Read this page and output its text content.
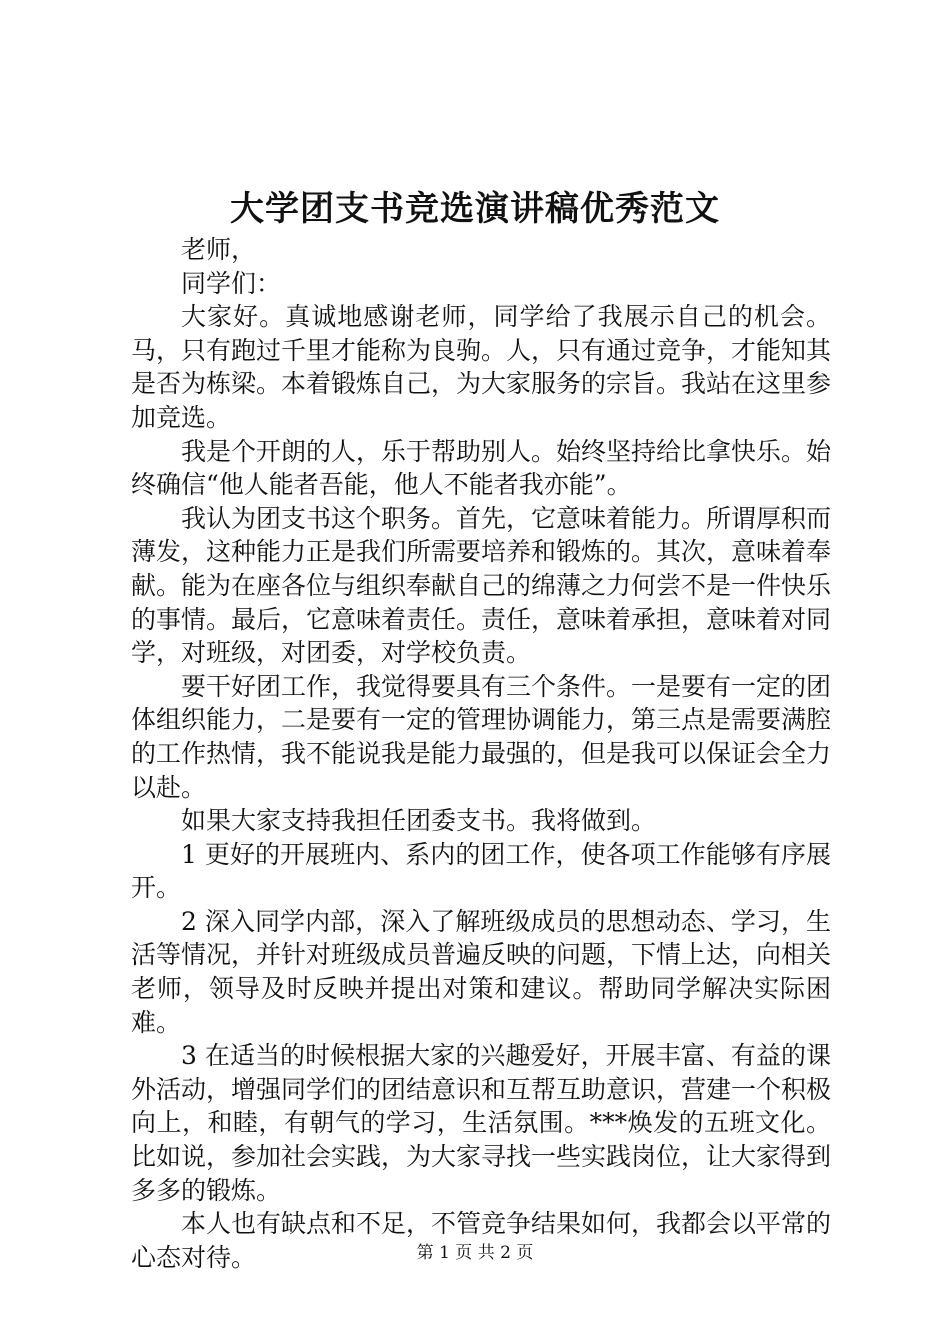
大学团支书竞选演讲稿优秀范文

老师，

同学们：

大家好。真诚地感谢老师，同学给了我展示自己的机会。马，只有跑过千里才能称为良驹。人，只有通过竞争，才能知其是否为栋梁。本着锻炼自己，为大家服务的宗旨。我站在这里参加竞选。

我是个开朗的人，乐于帮助别人。始终坚持给比拿快乐。始终确信“他人能者吾能，他人不能者我亦能”。

我认为团支书这个职务。首先，它意味着能力。所谓厚积而薄发，这种能力正是我们所需要培养和锻炼的。其次，意味着奉献。能为在座各位与组织奉献自己的绵薄之力何尝不是一件快乐的事情。最后，它意味着责任。责任，意味着承担，意味着对同学，对班级，对团委，对学校负责。

要干好团工作，我觉得要具有三个条件。一是要有一定的团体组织能力，二是要有一定的管理协调能力，第三点是需要满腔的工作热情，我不能说我是能力最强的，但是我可以保证会全力以赴。

如果大家支持我担任团委支书。我将做到。

1 更好的开展班内、系内的团工作，使各项工作能够有序展开。

2 深入同学内部，深入了解班级成员的思想动态、学习，生活等情况，并针对班级成员普遍反映的问题，下情上达，向相关老师，领导及时反映并提出对策和建议。帮助同学解决实际困难。

3 在适当的时候根据大家的兴趣爱好，开展丰富、有益的课外活动，增强同学们的团结意识和互帮互助意识，营建一个积极向上，和睦，有朝气的学习，生活氛围。***焕发的五班文化。比如说，参加社会实践，为大家寻找一些实践岗位，让大家得到多多的锻炼。

本人也有缺点和不足，不管竞争结果如何，我都会以平常的心态对待。	第 1 页 共 2 页
